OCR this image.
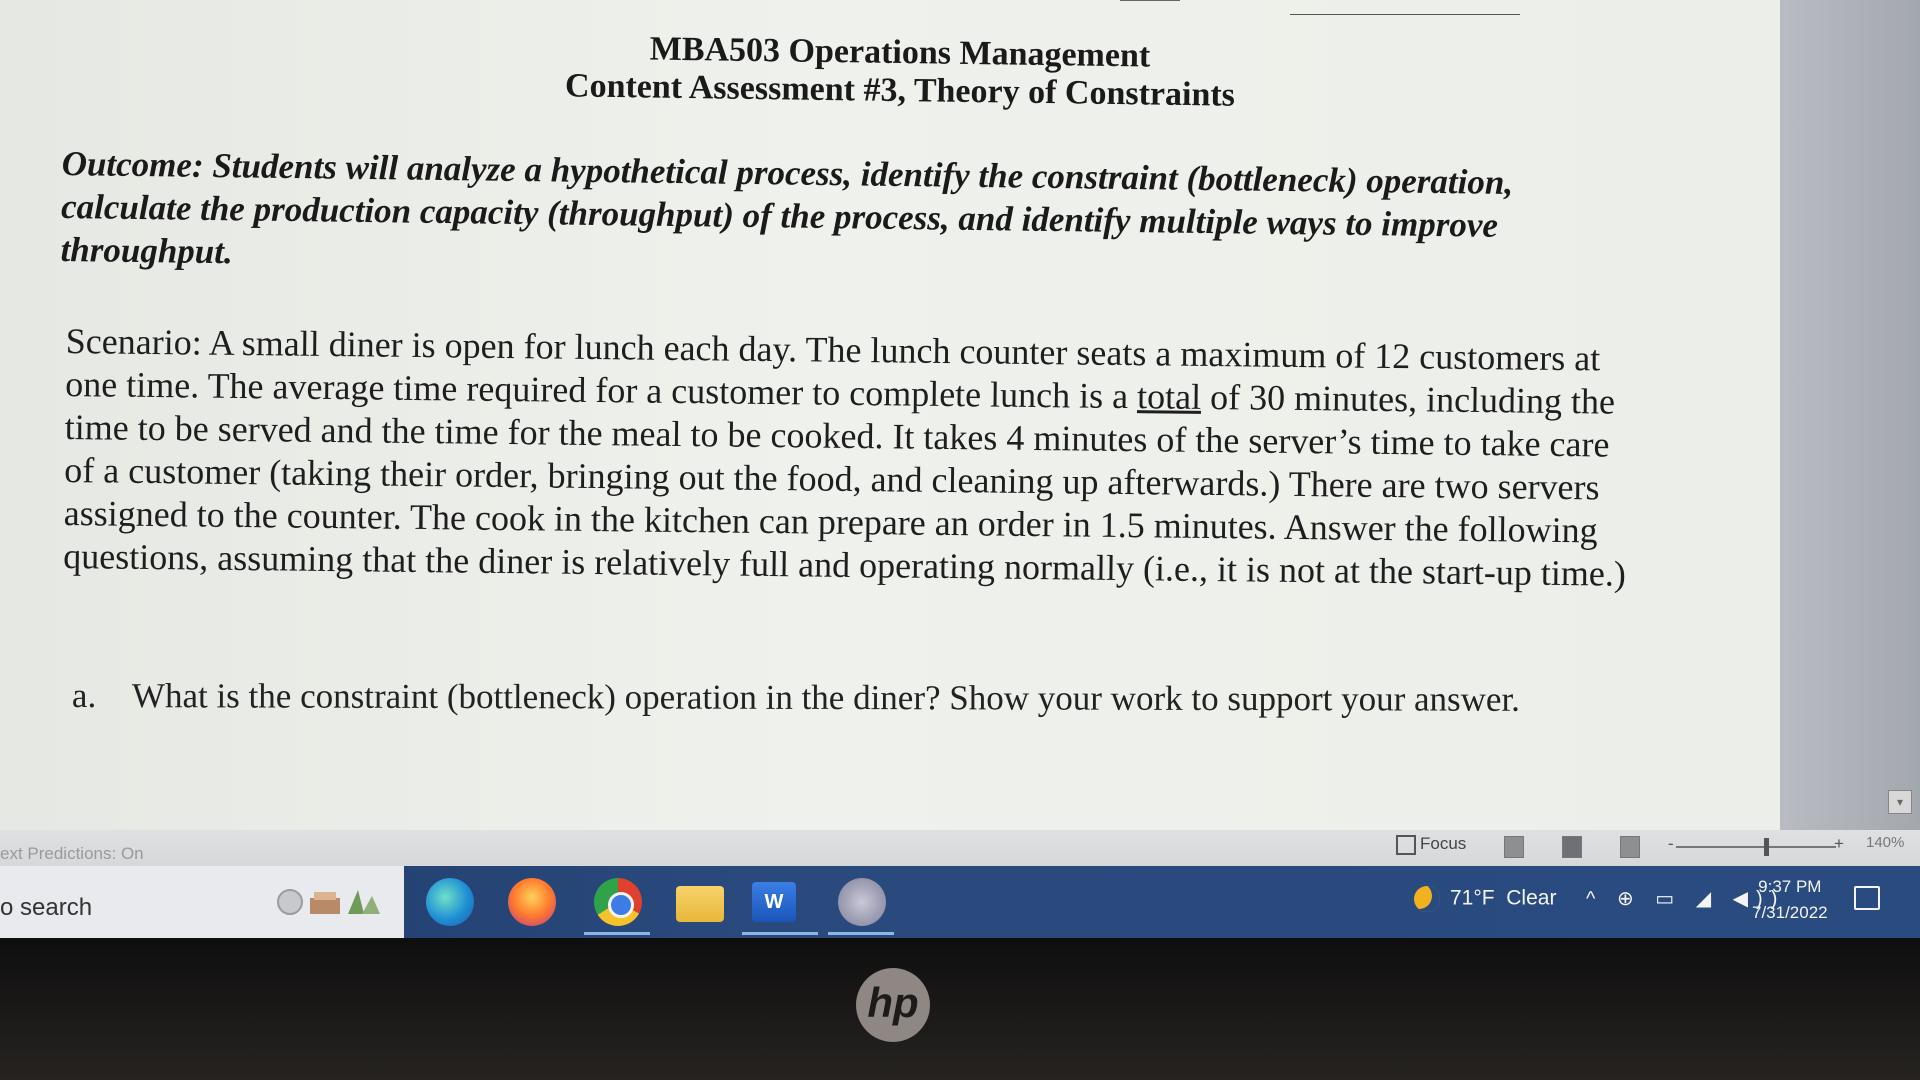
MBA503 Operations Management
Content Assessment #3, Theory of Constraints
Outcome: Students will analyze a hypothetical process, identify the constraint (bottleneck) operation, calculate the production capacity (throughput) of the process, and identify multiple ways to improve throughput.
Scenario: A small diner is open for lunch each day. The lunch counter seats a maximum of 12 customers at one time. The average time required for a customer to complete lunch is a total of 30 minutes, including the time to be served and the time for the meal to be cooked. It takes 4 minutes of the server’s time to take care of a customer (taking their order, bringing out the food, and cleaning up afterwards.) There are two servers assigned to the counter. The cook in the kitchen can prepare an order in 1.5 minutes. Answer the following questions, assuming that the diner is relatively full and operating normally (i.e., it is not at the start-up time.)
a. What is the constraint (bottleneck) operation in the diner? Show your work to support your answer.
▾
ext Predictions: On
Focus	-	+ 140%
o search	W	71°F Clear ^ ⊕ ▭ ◢ ◀))
9:37 PM
7/31/2022
hp
